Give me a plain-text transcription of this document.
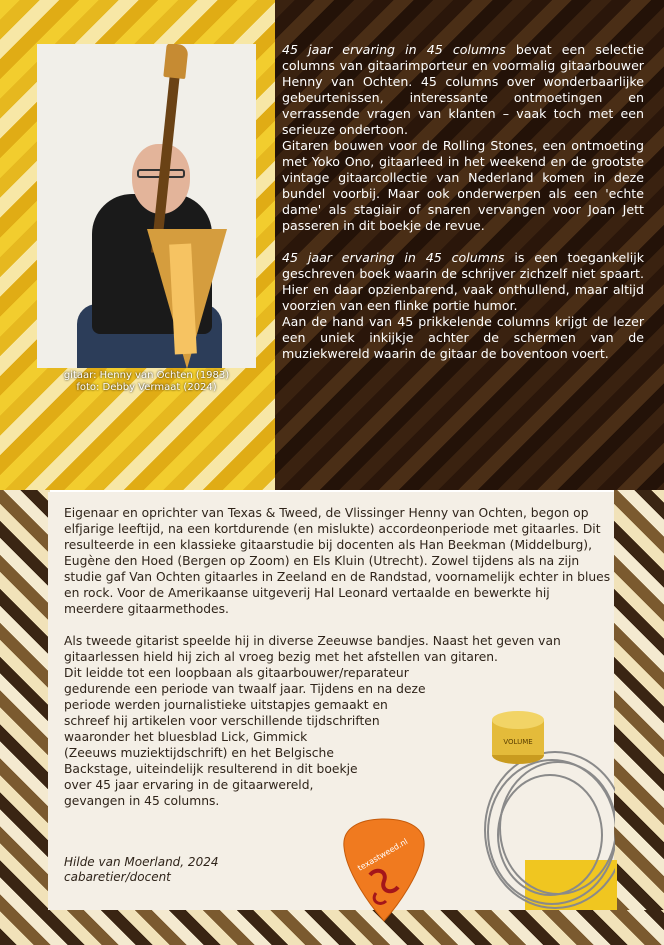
gitaar: Henny van Ochten (1983)
foto: Debby Vermaat (2024)

45 jaar ervaring in 45 columns bevat een selectie columns van gitaarimporteur en voormalig gitaarbouwer Henny van Ochten. 45 columns over wonderbaarlijke gebeurtenissen, interessante ontmoetingen en verrassende vragen van klanten – vaak toch met een serieuze ondertoon.

Gitaren bouwen voor de Rolling Stones, een ontmoeting met Yoko Ono, gitaarleed in het weekend en de grootste vintage gitaarcollectie van Nederland komen in deze bundel voorbij. Maar ook onderwerpen als een 'echte dame' als stagiair of snaren vervangen voor Joan Jett passeren in dit boekje de revue.

45 jaar ervaring in 45 columns is een toegankelijk geschreven boek waarin de schrijver zichzelf niet spaart. Hier en daar opzienbarend, vaak onthullend, maar altijd voorzien van een flinke portie humor.

Aan de hand van 45 prikkelende columns krijgt de lezer een uniek inkijkje achter de schermen van de muziekwereld waarin de gitaar de boventoon voert.

Eigenaar en oprichter van Texas & Tweed, de Vlissinger Henny van Ochten, begon op elfjarige leeftijd, na een kortdurende (en mislukte) accordeonperiode met gitaarles. Dit resulteerde in een klassieke gitaarstudie bij docenten als Han Beekman (Middelburg), Eugène den Hoed (Bergen op Zoom) en Els Kluin (Utrecht). Zowel tijdens als na zijn studie gaf Van Ochten gitaarles in Zeeland en de Randstad, voornamelijk echter in blues en rock. Voor de Amerikaanse uitgeverij Hal Leonard vertaalde en bewerkte hij meerdere gitaarmethodes.

Als tweede gitarist speelde hij in diverse Zeeuwse bandjes. Naast het geven van
gitaarlessen hield hij zich al vroeg bezig met het afstellen van gitaren.
Dit leidde tot een loopbaan als gitaarbouwer/reparateur
gedurende een periode van twaalf jaar. Tijdens en na deze
periode werden journalistieke uitstapjes gemaakt en
schreef hij artikelen voor verschillende tijdschriften
waaronder het bluesblad Lick, Gimmick
(Zeeuws muziektijdschrift) en het Belgische
Backstage, uiteindelijk resulterend in dit boekje
over 45 jaar ervaring in de gitaarwereld,
gevangen in 45 columns.

Hilde van Moerland, 2024
cabaretier/docent
VOLUME
texastweed.nl
